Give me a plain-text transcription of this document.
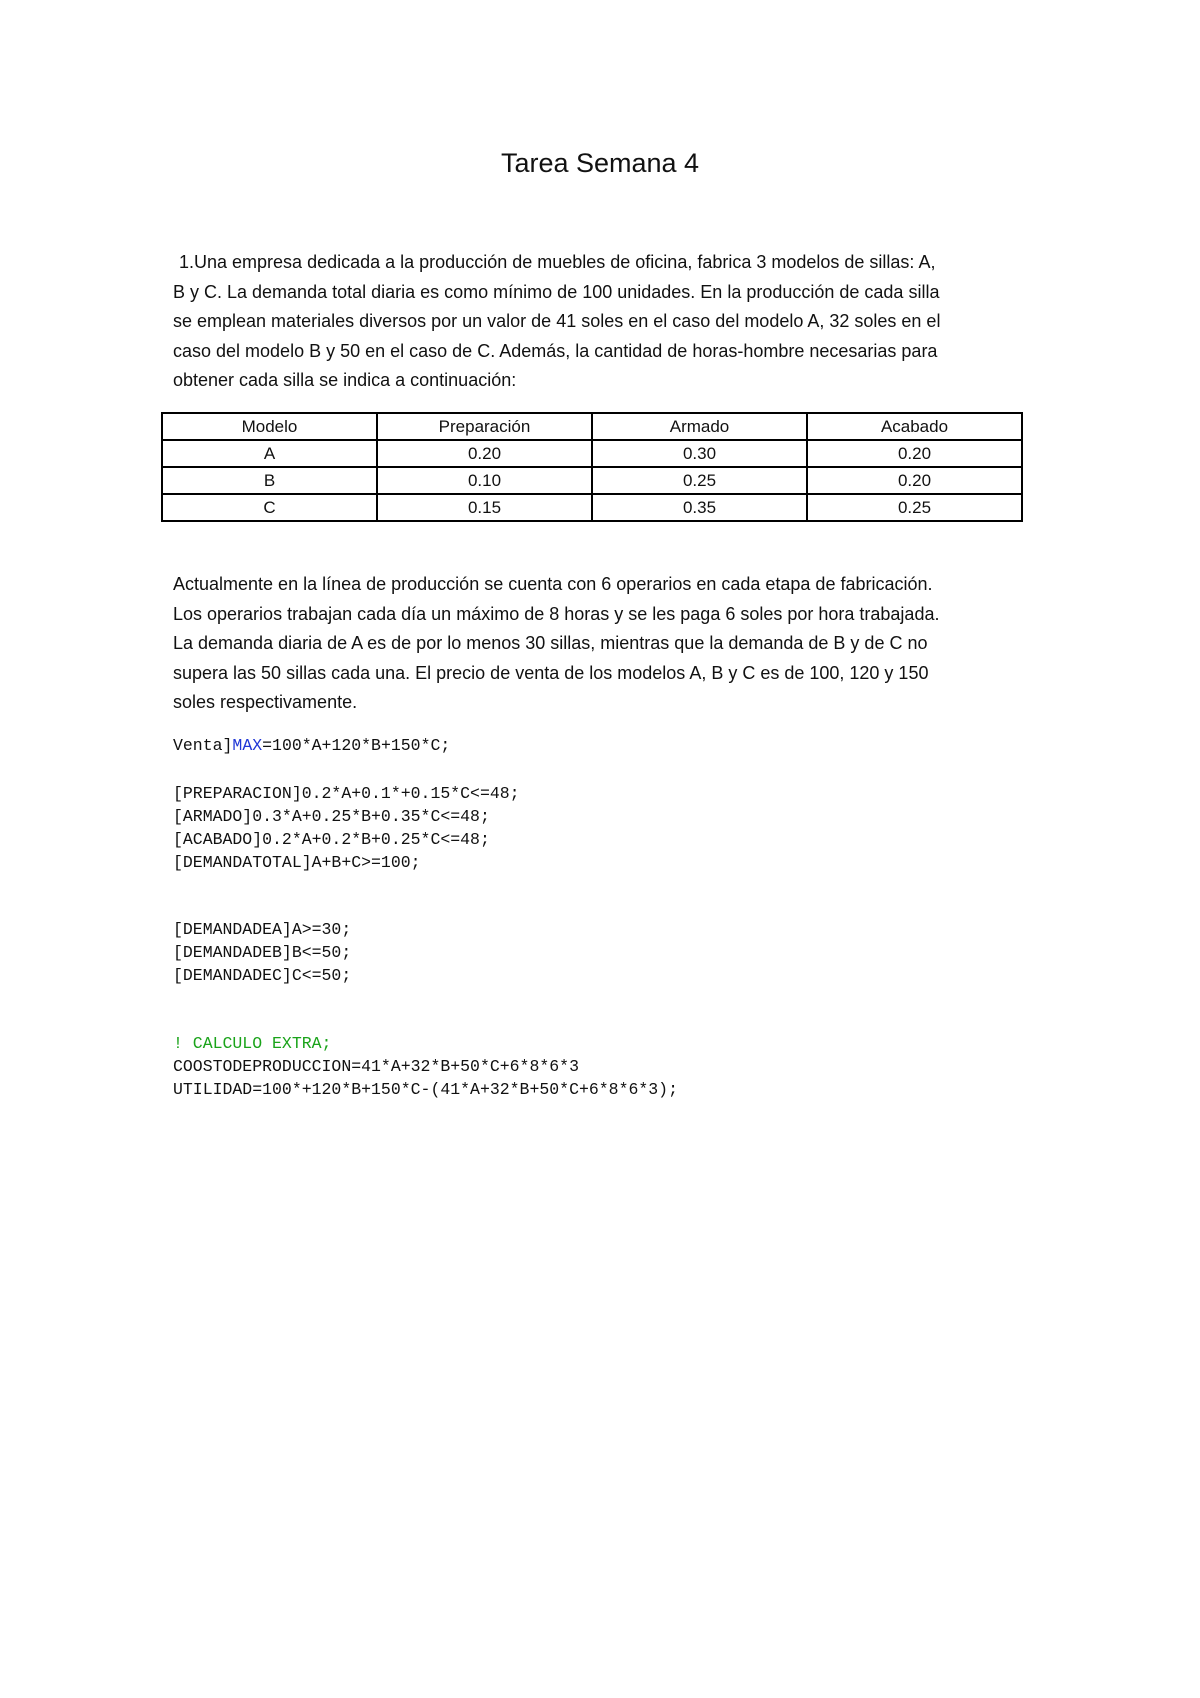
Tarea Semana 4

1.Una empresa dedicada a la producción de muebles de oficina, fabrica 3 modelos de sillas: A,
B y C. La demanda total diaria es como mínimo de 100 unidades. En la producción de cada silla
se emplean materiales diversos por un valor de 41 soles en el caso del modelo A, 32 soles en el
caso del modelo B y 50 en el caso de C. Además, la cantidad de horas-hombre necesarias para
obtener cada silla se indica a continuación:

Modelo	Preparación	Armado	Acabado
A	0.20	0.30	0.20
B	0.10	0.25	0.20
C	0.15	0.35	0.25

Actualmente en la línea de producción se cuenta con 6 operarios en cada etapa de fabricación.
Los operarios trabajan cada día un máximo de 8 horas y se les paga 6 soles por hora trabajada.
La demanda diaria de A es de por lo menos 30 sillas, mientras que la demanda de B y de C no
supera las 50 sillas cada una. El precio de venta de los modelos A, B y C es de 100, 120 y 150
soles respectivamente.

Venta]MAX=100*A+120*B+150*C;
[PREPARACION]0.2*A+0.1*+0.15*C<=48;
[ARMADO]0.3*A+0.25*B+0.35*C<=48;
[ACABADO]0.2*A+0.2*B+0.25*C<=48;
[DEMANDATOTAL]A+B+C>=100;
[DEMANDADEA]A>=30;
[DEMANDADEB]B<=50;
[DEMANDADEC]C<=50;
! CALCULO EXTRA;
COOSTODEPRODUCCION=41*A+32*B+50*C+6*8*6*3
UTILIDAD=100*+120*B+150*C-(41*A+32*B+50*C+6*8*6*3);
